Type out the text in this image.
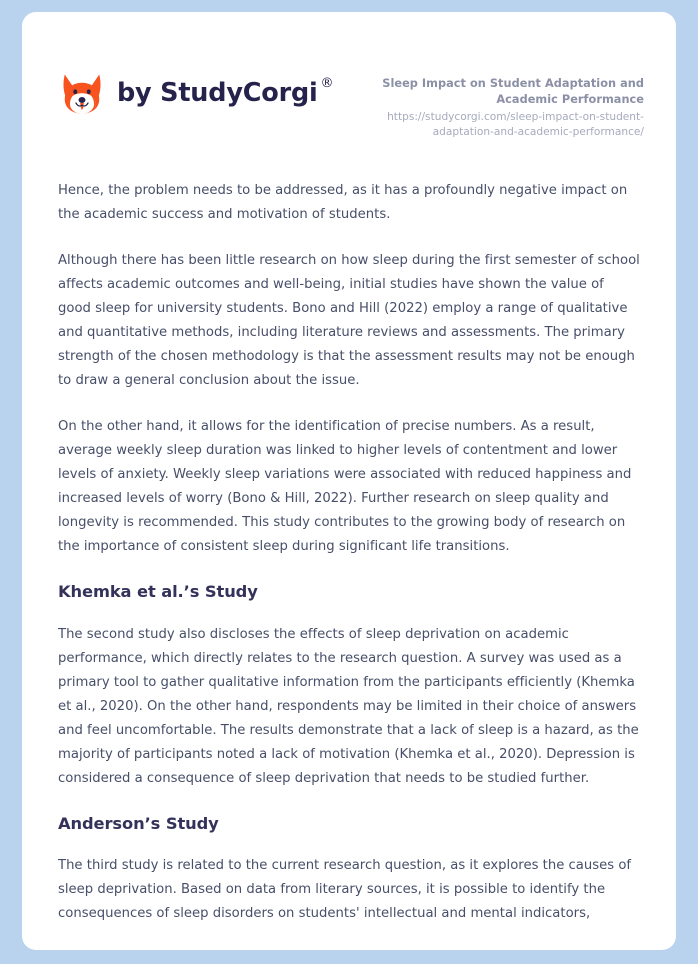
by StudyCorgi ®	Sleep Impact on Student Adaptation and Academic Performance
https://studycorgi.com/sleep-impact-on-student-adaptation-and-academic-performance/

Hence, the problem needs to be addressed, as it has a profoundly negative impact on the academic success and motivation of students.

Although there has been little research on how sleep during the first semester of school affects academic outcomes and well-being, initial studies have shown the value of good sleep for university students. Bono and Hill (2022) employ a range of qualitative and quantitative methods, including literature reviews and assessments. The primary strength of the chosen methodology is that the assessment results may not be enough to draw a general conclusion about the issue.

On the other hand, it allows for the identification of precise numbers. As a result, average weekly sleep duration was linked to higher levels of contentment and lower levels of anxiety. Weekly sleep variations were associated with reduced happiness and increased levels of worry (Bono & Hill, 2022). Further research on sleep quality and longevity is recommended. This study contributes to the growing body of research on the importance of consistent sleep during significant life transitions.

Khemka et al.’s Study

The second study also discloses the effects of sleep deprivation on academic performance, which directly relates to the research question. A survey was used as a primary tool to gather qualitative information from the participants efficiently (Khemka et al., 2020). On the other hand, respondents may be limited in their choice of answers and feel uncomfortable. The results demonstrate that a lack of sleep is a hazard, as the majority of participants noted a lack of motivation (Khemka et al., 2020). Depression is considered a consequence of sleep deprivation that needs to be studied further.

Anderson’s Study

The third study is related to the current research question, as it explores the causes of sleep deprivation. Based on data from literary sources, it is possible to identify the consequences of sleep disorders on students' intellectual and mental indicators,
